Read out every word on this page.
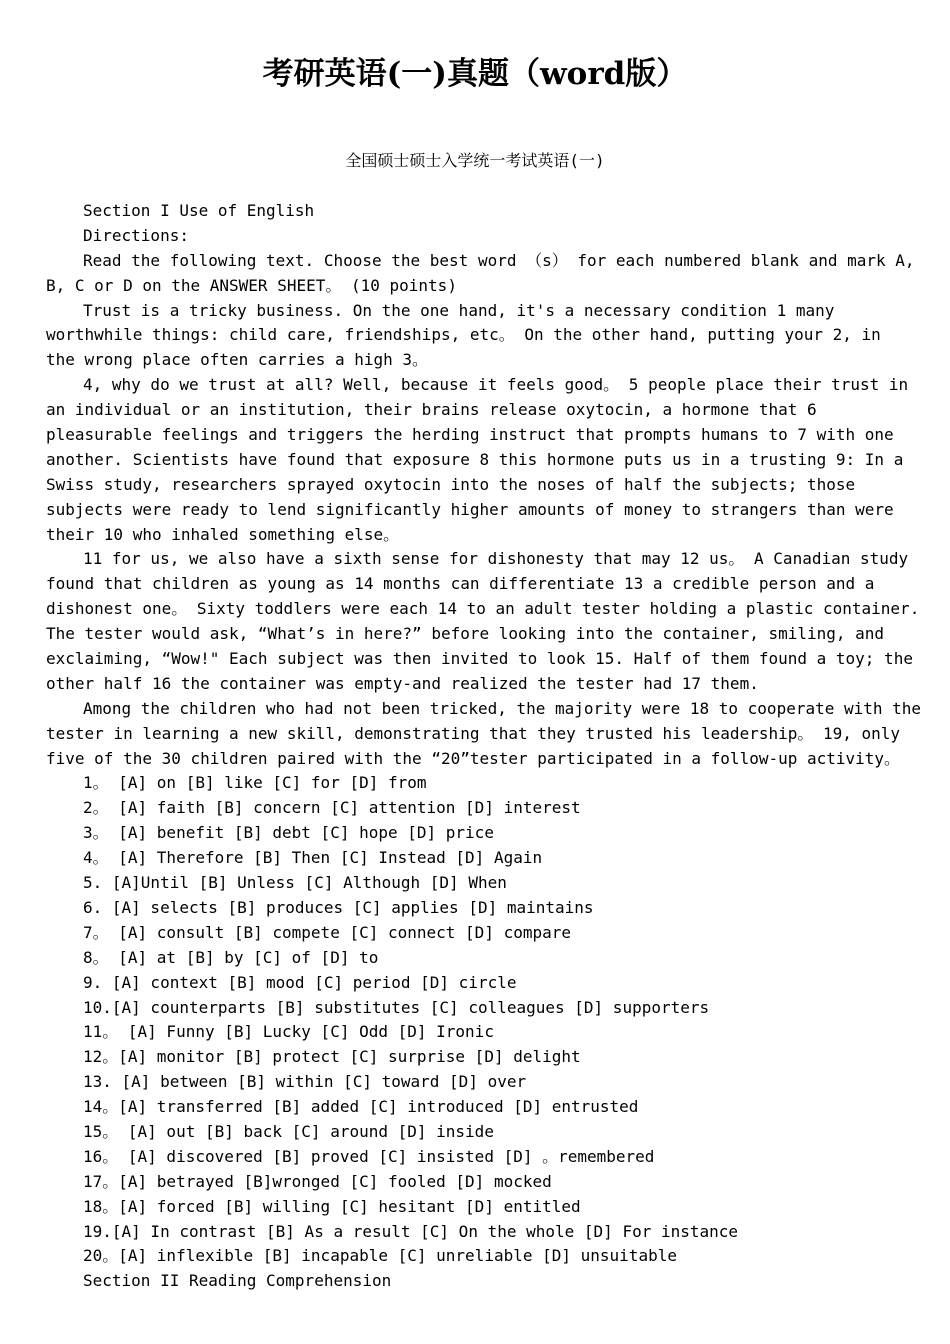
考研英语(一)真题（word版）
全国硕士硕士入学统一考试英语(一)
Section I Use of English
Directions:
Read the following text. Choose the best word （s） for each numbered blank and mark A,
B, C or D on the ANSWER SHEET。 (10 points)
Trust is a tricky business. On the one hand, it's a necessary condition 1 many
worthwhile things: child care, friendships, etc。 On the other hand, putting your 2, in
the wrong place often carries a high 3。
4, why do we trust at all? Well, because it feels good。 5 people place their trust in
an individual or an institution, their brains release oxytocin, a hormone that 6
pleasurable feelings and triggers the herding instruct that prompts humans to 7 with one
another. Scientists have found that exposure 8 this hormone puts us in a trusting 9: In a
Swiss study, researchers sprayed oxytocin into the noses of half the subjects; those
subjects were ready to lend significantly higher amounts of money to strangers than were
their 10 who inhaled something else。
11 for us, we also have a sixth sense for dishonesty that may 12 us。 A Canadian study
found that children as young as 14 months can differentiate 13 a credible person and a
dishonest one。 Sixty toddlers were each 14 to an adult tester holding a plastic container.
The tester would ask, “What’s in here?” before looking into the container, smiling, and
exclaiming, “Wow!" Each subject was then invited to look 15. Half of them found a toy; the
other half 16 the container was empty-and realized the tester had 17 them.
Among the children who had not been tricked, the majority were 18 to cooperate with the
tester in learning a new skill, demonstrating that they trusted his leadership。 19, only
five of the 30 children paired with the “20”tester participated in a follow-up activity。
1。 [A] on [B] like [C] for [D] from
2。 [A] faith [B] concern [C] attention [D] interest
3。 [A] benefit [B] debt [C] hope [D] price
4。 [A] Therefore [B] Then [C] Instead [D] Again
5. [A]Until [B] Unless [C] Although [D] When
6. [A] selects [B] produces [C] applies [D] maintains
7。 [A] consult [B] compete [C] connect [D] compare
8。 [A] at [B] by [C] of [D] to
9. [A] context [B] mood [C] period [D] circle
10.[A] counterparts [B] substitutes [C] colleagues [D] supporters
11。 [A] Funny [B] Lucky [C] Odd [D] Ironic
12。[A] monitor [B] protect [C] surprise [D] delight
13. [A] between [B] within [C] toward [D] over
14。[A] transferred [B] added [C] introduced [D] entrusted
15。 [A] out [B] back [C] around [D] inside
16。 [A] discovered [B] proved [C] insisted [D] 。remembered
17。[A] betrayed [B]wronged [C] fooled [D] mocked
18。[A] forced [B] willing [C] hesitant [D] entitled
19.[A] In contrast [B] As a result [C] On the whole [D] For instance
20。[A] inflexible [B] incapable [C] unreliable [D] unsuitable
Section II Reading Comprehension
